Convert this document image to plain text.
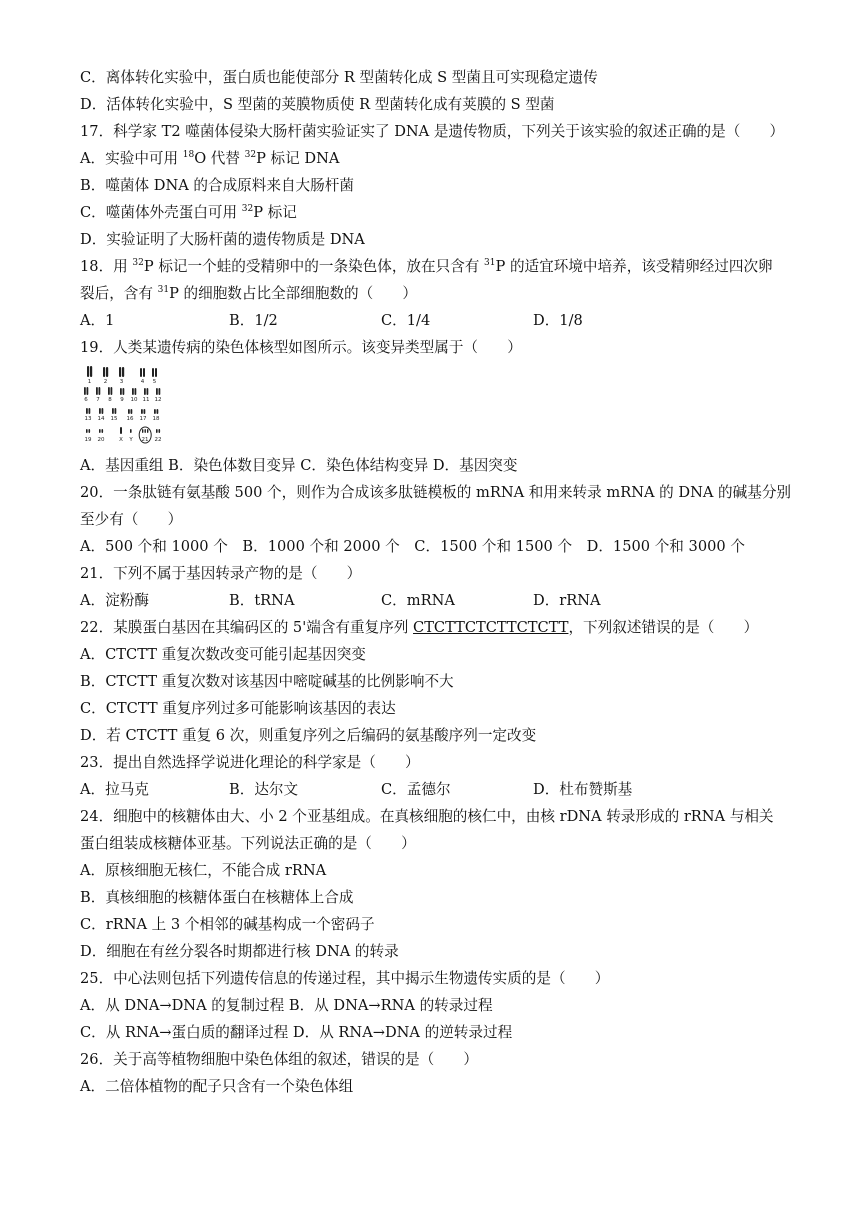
C．离体转化实验中，蛋白质也能使部分 R 型菌转化成 S 型菌且可实现稳定遗传
D．活体转化实验中，S 型菌的荚膜物质使 R 型菌转化成有荚膜的 S 型菌
17．科学家 T2 噬菌体侵染大肠杆菌实验证实了 DNA 是遗传物质，下列关于该实验的叙述正确的是（　　）
A．实验中可用 $^{18}$O 代替 $^{32}$P 标记 DNA
B．噬菌体 DNA 的合成原料来自大肠杆菌
C．噬菌体外壳蛋白可用 $^{32}$P 标记
D．实验证明了大肠杆菌的遗传物质是 DNA
18．用 $^{32}$P 标记一个蛙的受精卵中的一条染色体，放在只含有 $^{31}$P 的适宜环境中培养，该受精卵经过四次卵
裂后，含有 $^{31}$P 的细胞数占比全部细胞数的（　　）
A．1	B．1/2	C．1/4	D．1/8
19．人类某遗传病的染色体核型如图所示。该变异类型属于（　　）
1 2 3	4 5
6 7 8 9 10 11 12
13 14 15 16 17 18
19 20	X Y 21 22
A．基因重组 B．染色体数目变异 C．染色体结构变异 D．基因突变
20．一条肽链有氨基酸 500 个，则作为合成该多肽链模板的 mRNA 和用来转录 mRNA 的 DNA 的碱基分别
至少有（　　）
A．500 个和 1000 个　B．1000 个和 2000 个　C．1500 个和 1500 个　D．1500 个和 3000 个
21．下列不属于基因转录产物的是（　　）
A．淀粉酶	B．tRNA	C．mRNA	D．rRNA
22．某膜蛋白基因在其编码区的 5'端含有重复序列 CTCTTCTCTTCTCTT，下列叙述错误的是（　　）
A．CTCTT 重复次数改变可能引起基因突变
B．CTCTT 重复次数对该基因中嘧啶碱基的比例影响不大
C．CTCTT 重复序列过多可能影响该基因的表达
D．若 CTCTT 重复 6 次，则重复序列之后编码的氨基酸序列一定改变
23．提出自然选择学说进化理论的科学家是（　　）
A．拉马克	B．达尔文	C．孟德尔	D．杜布赞斯基
24．细胞中的核糖体由大、小 2 个亚基组成。在真核细胞的核仁中，由核 rDNA 转录形成的 rRNA 与相关
蛋白组装成核糖体亚基。下列说法正确的是（　　）
A．原核细胞无核仁，不能合成 rRNA
B．真核细胞的核糖体蛋白在核糖体上合成
C．rRNA 上 3 个相邻的碱基构成一个密码子
D．细胞在有丝分裂各时期都进行核 DNA 的转录
25．中心法则包括下列遗传信息的传递过程，其中揭示生物遗传实质的是（　　）
A．从 DNA→DNA 的复制过程 B．从 DNA→RNA 的转录过程
C．从 RNA→蛋白质的翻译过程 D．从 RNA→DNA 的逆转录过程
26．关于高等植物细胞中染色体组的叙述，错误的是（　　）
A．二倍体植物的配子只含有一个染色体组
